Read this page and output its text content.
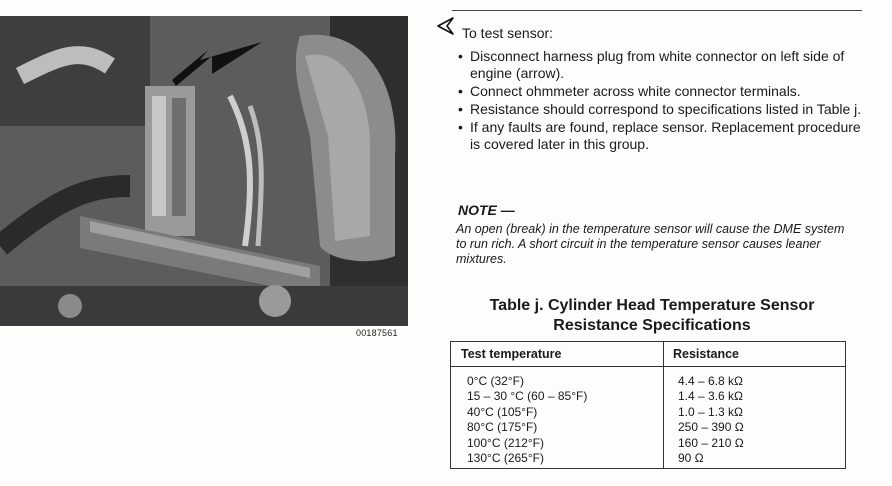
00187561
To test sensor:
• Disconnect harness plug from white connector on left side of engine (arrow).
• Connect ohmmeter across white connector terminals.
• Resistance should correspond to specifications listed in Table j.
• If any faults are found, replace sensor. Replacement procedure is covered later in this group.
NOTE —
An open (break) in the temperature sensor will cause the DME system to run rich. A short circuit in the temperature sensor causes leaner mixtures.
Table j. Cylinder Head Temperature Sensor
Resistance Specifications
Test temperature	Resistance
0°C (32°F)
15 – 30 °C (60 – 85°F)
40°C (105°F)
80°C (175°F)
100°C (212°F)
130°C (265°F)
4.4 – 6.8 kΩ
1.4 – 3.6 kΩ
1.0 – 1.3 kΩ
250 – 390 Ω
160 – 210 Ω
90 Ω
